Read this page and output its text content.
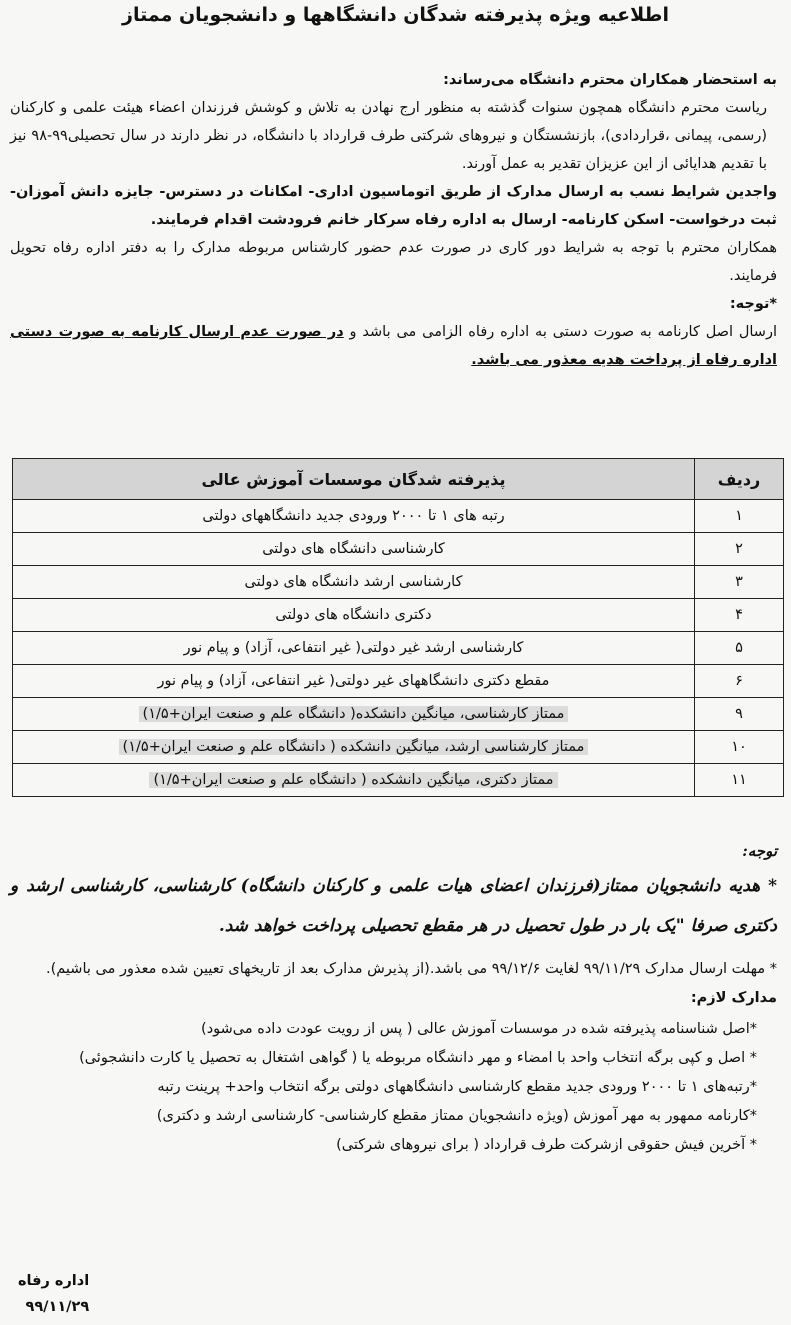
اطلاعیه ویژه پذیرفته شدگان دانشگاهها و دانشجویان ممتاز

به استحضار همکاران محترم دانشگاه می‌رساند:

ریاست محترم دانشگاه همچون سنوات گذشته به منظور ارج نهادن به تلاش و کوشش فرزندان اعضاء هیئت علمی و کارکنان (رسمی، پیمانی ،قراردادی)، بازنشستگان و نیروهای شرکتی طرف قرارداد با دانشگاه، در نظر دارند در سال تحصیلی۹۹-۹۸ نیز با تقدیم هدایائی از این عزیزان تقدیر به عمل آورند.

واجدین شرایط نسب به ارسال مدارک از طریق اتوماسیون اداری- امکانات در دسترس- جایزه دانش آموزان- ثبت درخواست- اسکن کارنامه- ارسال به اداره رفاه سرکار خانم فرودشت اقدام فرمایند.

همکاران محترم با توجه به شرایط دور کاری در صورت عدم حضور کارشناس مربوطه مدارک را به دفتر اداره رفاه تحویل فرمایند.

*توجه:

ارسال اصل کارنامه به صورت دستی به اداره رفاه الزامی می باشد و در صورت عدم ارسال کارنامه به صورت دستی اداره رفاه از پرداخت هدیه معذور می باشد.

ردیف	پذیرفته شدگان موسسات آموزش عالی
۱	رتبه های ۱ تا ۲۰۰۰ ورودی جدید دانشگاههای دولتی
۲	کارشناسی دانشگاه های دولتی
۳	کارشناسی ارشد دانشگاه های دولتی
۴	دکتری دانشگاه های دولتی
۵	کارشناسی ارشد غیر دولتی( غیر انتفاعی، آزاد) و پیام نور
۶	مقطع دکتری دانشگاههای غیر دولتی( غیر انتفاعی، آزاد) و پیام نور
۹	ممتاز کارشناسی، میانگین دانشکده( دانشگاه علم و صنعت ایران+۱/۵)
۱۰	ممتاز کارشناسی ارشد، میانگین دانشکده ( دانشگاه علم و صنعت ایران+۱/۵)
۱۱	ممتاز دکتری، میانگین دانشکده ( دانشگاه علم و صنعت ایران+۱/۵)

توجه:

* هدیه دانشجویان ممتاز(فرزندان اعضای هیات علمی و کارکنان دانشگاه) کارشناسی، کارشناسی ارشد و دکتری صرفا "یک بار در طول تحصیل در هر مقطع تحصیلی پرداخت خواهد شد.

* مهلت ارسال مدارک ۹۹/۱۱/۲۹ لغایت ۹۹/۱۲/۶ می باشد.(از پذیرش مدارک بعد از تاریخهای تعیین شده معذور می باشیم).

مدارک لازم:

*اصل شناسنامه پذیرفته شده در موسسات آموزش عالی ( پس از رویت عودت داده می‌شود)
* اصل و کپی برگه انتخاب واحد با امضاء و مهر دانشگاه مربوطه یا ( گواهی اشتغال به تحصیل یا کارت دانشجوئی)
*رتبه‌های ۱ تا ۲۰۰۰ ورودی جدید مقطع کارشناسی دانشگاههای دولتی برگه انتخاب واحد+ پرینت رتبه
*کارنامه ممهور به مهر آموزش (ویژه دانشجویان ممتاز مقطع کارشناسی- کارشناسی ارشد و دکتری)
* آخرین فیش حقوقی ازشرکت طرف قرارداد ( برای نیروهای شرکتی)
اداره رفاه
۹۹/۱۱/۲۹
